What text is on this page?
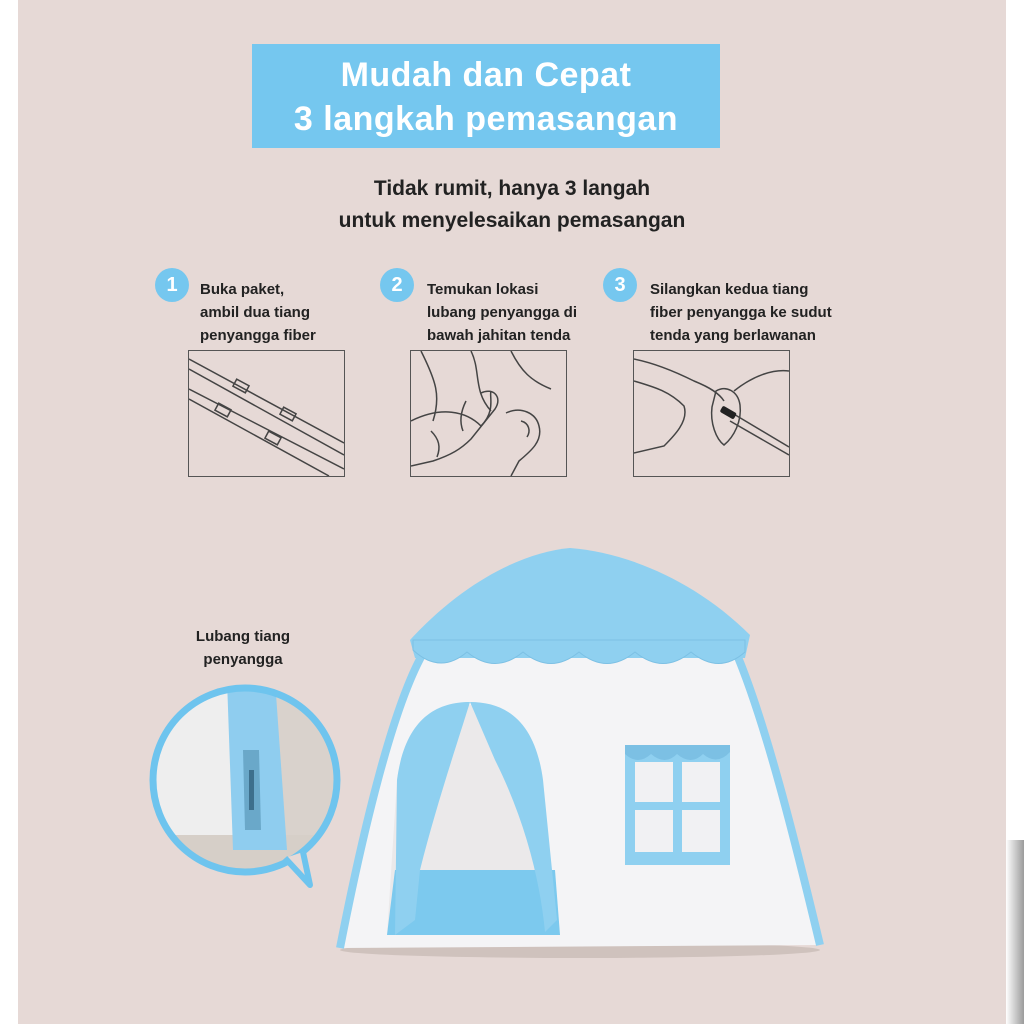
Mudah dan Cepat
3 langkah pemasangan
Tidak rumit, hanya 3 langah
untuk menyelesaikan pemasangan
1	Buka paket,
ambil dua tiang
penyangga fiber
2	Temukan lokasi
lubang penyangga di
bawah jahitan tenda
3	Silangkan kedua tiang
fiber penyangga ke sudut
tenda yang berlawanan
Lubang tiang
penyangga
